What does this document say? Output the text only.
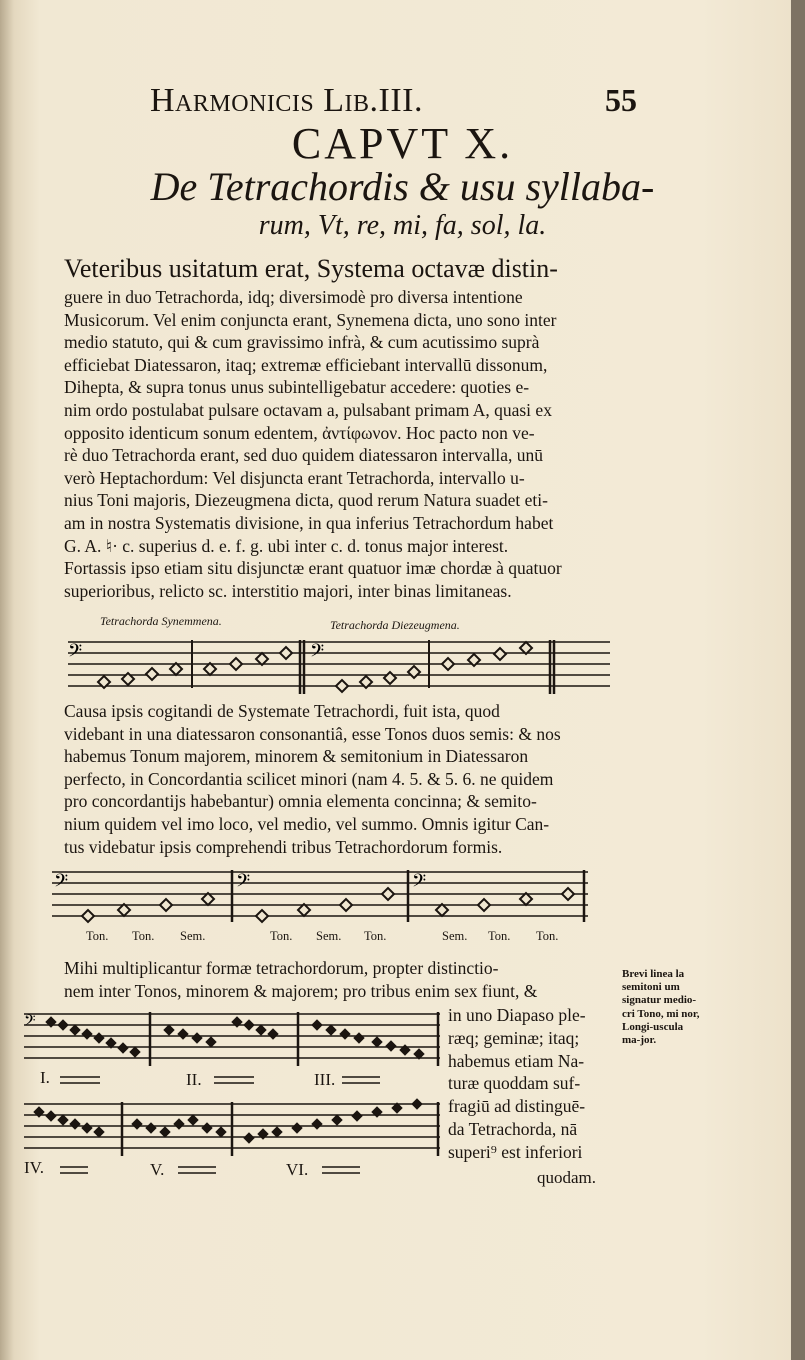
Harmonicis Lib.III.	55
CAPVT X.
De Tetrachordis & usu syllaba-
rum, Vt, re, mi, fa, sol, la.
Veteribus usitatum erat, Systema octavæ distin-
guere in duo Tetrachorda, idq; diversimodè pro diversa intentione
Musicorum. Vel enim conjuncta erant, Synemena dicta, uno sono inter
medio statuto, qui & cum gravissimo infrà, & cum acutissimo suprà
efficiebat Diatessaron, itaq; extremæ efficiebant intervallū dissonum,
Dihepta, & supra tonus unus subintelligebatur accedere: quoties e-
nim ordo postulabat pulsare octavam a, pulsabant primam A, quasi ex
opposito identicum sonum edentem, ἀντίφωνον. Hoc pacto non ve-
rè duo Tetrachorda erant, sed duo quidem diatessaron intervalla, unū
verò Heptachordum: Vel disjuncta erant Tetrachorda, intervallo u-
nius Toni majoris, Diezeugmena dicta, quod rerum Natura suadet eti-
am in nostra Systematis divisione, in qua inferius Tetrachordum habet
G. A. ♮· c. superius d. e. f. g. ubi inter c. d. tonus major interest.
Fortassis ipso etiam situ disjunctæ erant quatuor imæ chordæ à quatuor
superioribus, relicto sc. interstitio majori, inter binas limitaneas.
Tetrachorda Synemmena.	Tetrachorda Diezeugmena.
𝄢	𝄢
Causa ipsis cogitandi de Systemate Tetrachordi, fuit ista, quod
videbant in una diatessaron consonantiâ, esse Tonos duos semis: & nos
habemus Tonum majorem, minorem & semitonium in Diatessaron
perfecto, in Concordantia scilicet minori (nam 4. 5. & 5. 6. ne quidem
pro concordantijs habebantur) omnia elementa concinna; & semito-
nium quidem vel imo loco, vel medio, vel summo. Omnis igitur Can-
tus videbatur ipsis comprehendi tribus Tetrachordorum formis.
𝄢	𝄢	𝄢
Ton. Ton. Sem.	Ton. Sem. Ton.	Sem. Ton. Ton.
Mihi multiplicantur formæ tetrachordorum, propter distinctio-
nem inter Tonos, minorem & majorem; pro tribus enim sex fiunt, &
𝄢
I.	II.	III.
IV.	V.	VI.
in uno Diapaso ple-
ræq; geminæ; itaq;
habemus etiam Na-
turæ quoddam suf-
fragiū ad distinguē-
da Tetrachorda, nā
superi⁹ est inferiori
Brevi linea la semitoni um signatur medio-cri Tono, mi nor, Longi-uscula ma-jor.
quodam.
